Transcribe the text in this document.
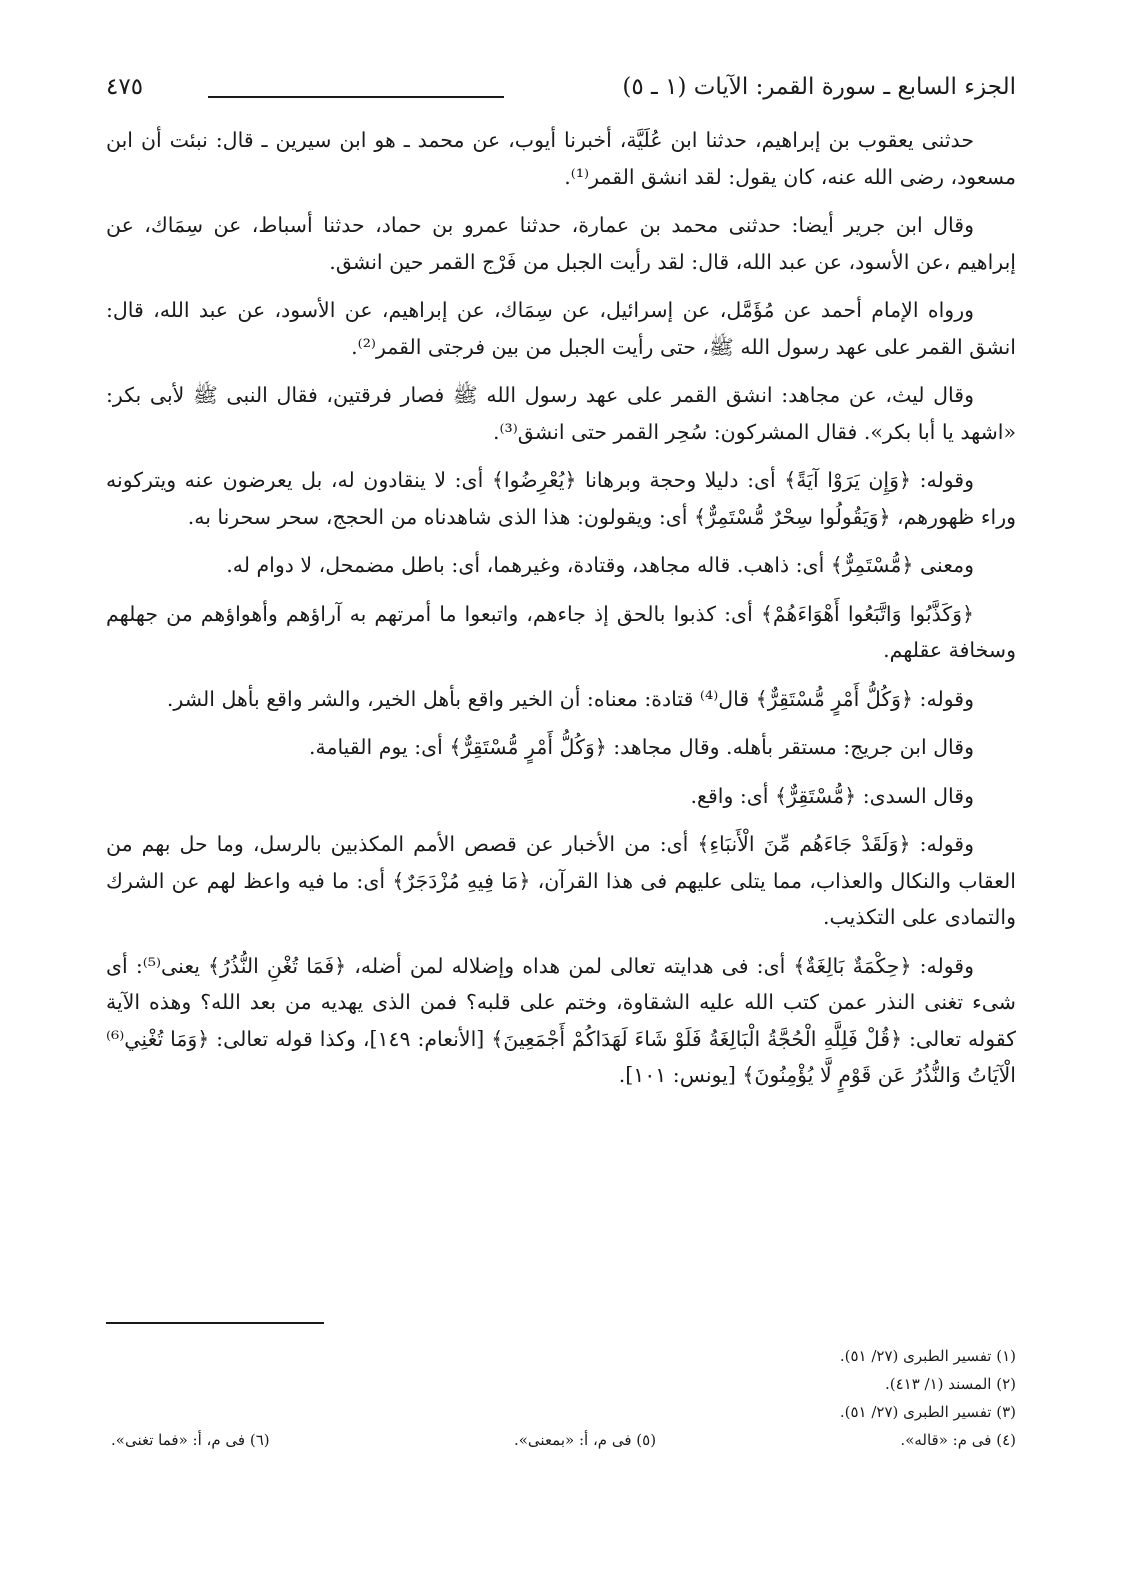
الجزء السابع ـ سورة القمر: الآيات (١ ـ ٥)
٤٧٥

حدثنى يعقوب بن إبراهيم، حدثنا ابن عُلَيَّة، أخبرنا أيوب، عن محمد ـ هو ابن سيرين ـ قال: نبئت أن ابن مسعود، رضى الله عنه، كان يقول: لقد انشق القمر⁽¹⁾.

وقال ابن جرير أيضا: حدثنى محمد بن عمارة، حدثنا عمرو بن حماد، حدثنا أسباط، عن سِمَاك، عن إبراهيم ،عن الأسود، عن عبد الله، قال: لقد رأيت الجبل من فَرْج القمر حين انشق.

ورواه الإمام أحمد عن مُؤَمَّل، عن إسرائيل، عن سِمَاك، عن إبراهيم، عن الأسود، عن عبد الله، قال: انشق القمر على عهد رسول الله ﷺ، حتى رأيت الجبل من بين فرجتى القمر⁽²⁾.

وقال ليث، عن مجاهد: انشق القمر على عهد رسول الله ﷺ فصار فرقتين، فقال النبى ﷺ لأبى بكر: «اشهد يا أبا بكر». فقال المشركون: سُحِر القمر حتى انشق⁽³⁾.

وقوله: ﴿وَإِن يَرَوْا آيَةً﴾ أى: دليلا وحجة وبرهانا ﴿يُعْرِضُوا﴾ أى: لا ينقادون له، بل يعرضون عنه ويتركونه وراء ظهورهم، ﴿وَيَقُولُوا سِحْرٌ مُّسْتَمِرٌّ﴾ أى: ويقولون: هذا الذى شاهدناه من الحجج، سحر سحرنا به.

ومعنى ﴿مُّسْتَمِرٌّ﴾ أى: ذاهب. قاله مجاهد، وقتادة، وغيرهما، أى: باطل مضمحل، لا دوام له.

﴿وَكَذَّبُوا وَاتَّبَعُوا أَهْوَاءَهُمْ﴾ أى: كذبوا بالحق إذ جاءهم، واتبعوا ما أمرتهم به آراؤهم وأهواؤهم من جهلهم وسخافة عقلهم.

وقوله: ﴿وَكُلُّ أَمْرٍ مُّسْتَقِرٌّ﴾ قال⁽⁴⁾ قتادة: معناه: أن الخير واقع بأهل الخير، والشر واقع بأهل الشر.

وقال ابن جريج: مستقر بأهله. وقال مجاهد: ﴿وَكُلُّ أَمْرٍ مُّسْتَقِرٌّ﴾ أى: يوم القيامة.

وقال السدى: ﴿مُّسْتَقِرٌّ﴾ أى: واقع.

وقوله: ﴿وَلَقَدْ جَاءَهُم مِّنَ الْأَنبَاءِ﴾ أى: من الأخبار عن قصص الأمم المكذبين بالرسل، وما حل بهم من العقاب والنكال والعذاب، مما يتلى عليهم فى هذا القرآن، ﴿مَا فِيهِ مُزْدَجَرٌ﴾ أى: ما فيه واعظ لهم عن الشرك والتمادى على التكذيب.

وقوله: ﴿حِكْمَةٌ بَالِغَةٌ﴾ أى: فى هدايته تعالى لمن هداه وإضلاله لمن أضله، ﴿فَمَا تُغْنِ النُّذُرُ﴾ يعنى⁽⁵⁾: أى شىء تغنى النذر عمن كتب الله عليه الشقاوة، وختم على قلبه؟ فمن الذى يهديه من بعد الله؟ وهذه الآية كقوله تعالى: ﴿قُلْ فَلِلَّهِ الْحُجَّةُ الْبَالِغَةُ فَلَوْ شَاءَ لَهَدَاكُمْ أَجْمَعِينَ﴾ [الأنعام: ١٤٩]، وكذا قوله تعالى: ﴿وَمَا تُغْنِي⁽⁶⁾ الْآيَاتُ وَالنُّذُرُ عَن قَوْمٍ لَّا يُؤْمِنُونَ﴾ [يونس: ١٠١].

(١) تفسير الطبرى (٢٧/ ٥١).
(٢) المسند (١/ ٤١٣).
(٣) تفسير الطبرى (٢٧/ ٥١).
(٤) فى م: «قاله».
(٥) فى م، أ: «بمعنى».
(٦) فى م، أ: «فما تغنى».
